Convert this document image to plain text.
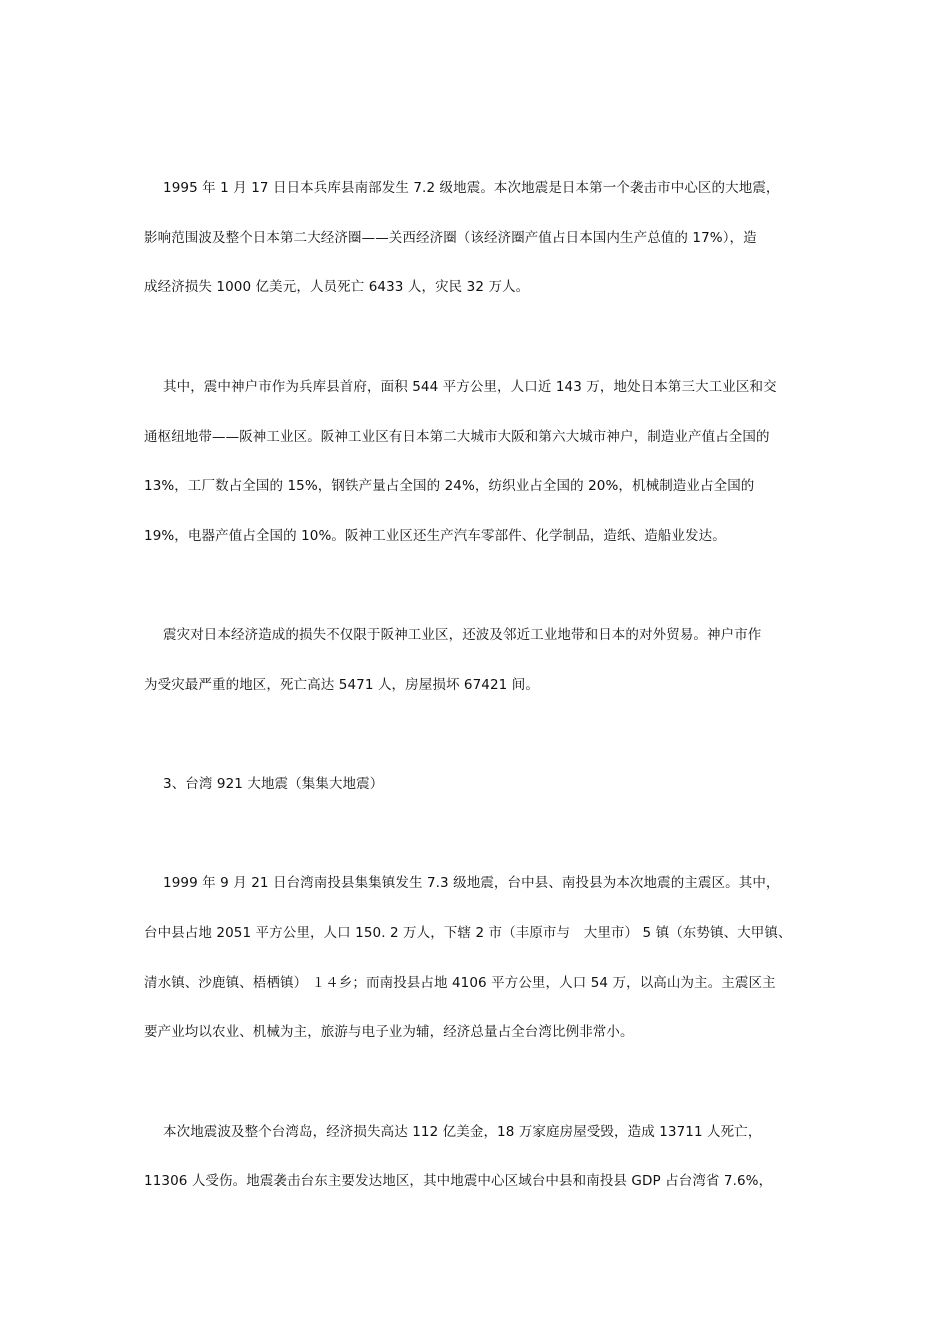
1995 年 1 月 17 日日本兵库县南部发生 7.2 级地震。本次地震是日本第一个袭击市中心区的大地震，
影响范围波及整个日本第二大经济圈——关西经济圈（该经济圈产值占日本国内生产总值的 17%），造
成经济损失 1000 亿美元，人员死亡 6433 人，灾民 32 万人。
其中，震中神户市作为兵库县首府，面积 544 平方公里，人口近 143 万，地处日本第三大工业区和交
通枢纽地带——阪神工业区。阪神工业区有日本第二大城市大阪和第六大城市神户，制造业产值占全国的
13%，工厂数占全国的 15%，钢铁产量占全国的 24%，纺织业占全国的 20%，机械制造业占全国的
19%，电器产值占全国的 10%。阪神工业区还生产汽车零部件、化学制品，造纸、造船业发达。
震灾对日本经济造成的损失不仅限于阪神工业区，还波及邻近工业地带和日本的对外贸易。神户市作
为受灾最严重的地区，死亡高达 5471 人，房屋损坏 67421 间。
3、台湾 921 大地震（集集大地震）
1999 年 9 月 21 日台湾南投县集集镇发生 7.3 级地震，台中县、南投县为本次地震的主震区。其中，
台中县占地 2051 平方公里，人口 150. 2 万人，下辖 2 市（丰原市与　大里市） 5 镇（东势镇、大甲镇、
清水镇、沙鹿镇、梧栖镇） １４乡；而南投县占地 4106 平方公里，人口 54 万，以高山为主。主震区主
要产业均以农业、机械为主，旅游与电子业为辅，经济总量占全台湾比例非常小。
本次地震波及整个台湾岛，经济损失高达 112 亿美金，18 万家庭房屋受毁，造成 13711 人死亡，
11306 人受伤。地震袭击台东主要发达地区，其中地震中心区域台中县和南投县 GDP 占台湾省 7.6%，
